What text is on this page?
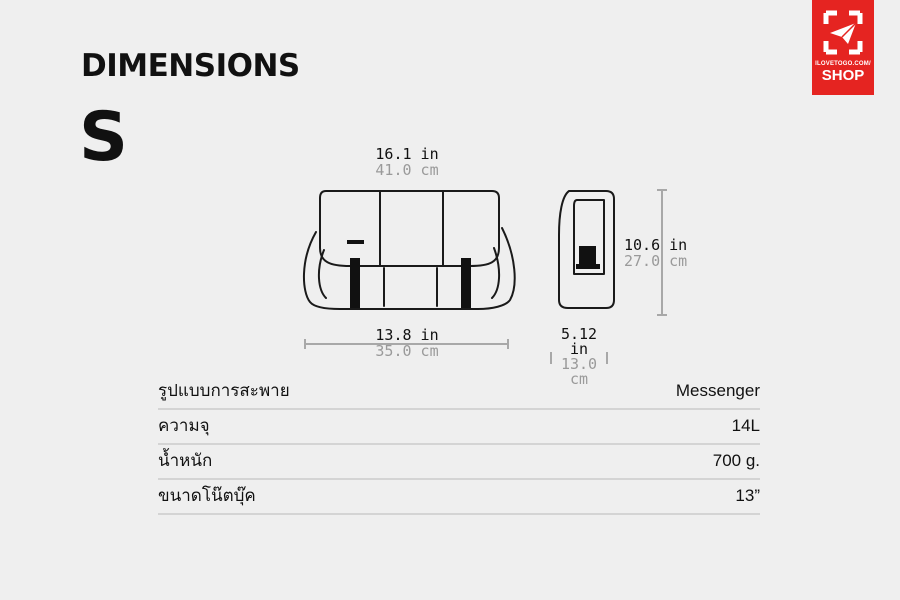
DIMENSIONS
S
ILOVETOGO.COM/
SHOP
16.1 in
41.0 cm
10.6 in
27.0 cm
13.8 in
35.0 cm
5.12
in
13.0
cm
รูปแบบการสะพาย	Messenger
ความจุ	14L
น้ำหนัก	700 g.
ขนาดโน๊ตบุ๊ค	13”
